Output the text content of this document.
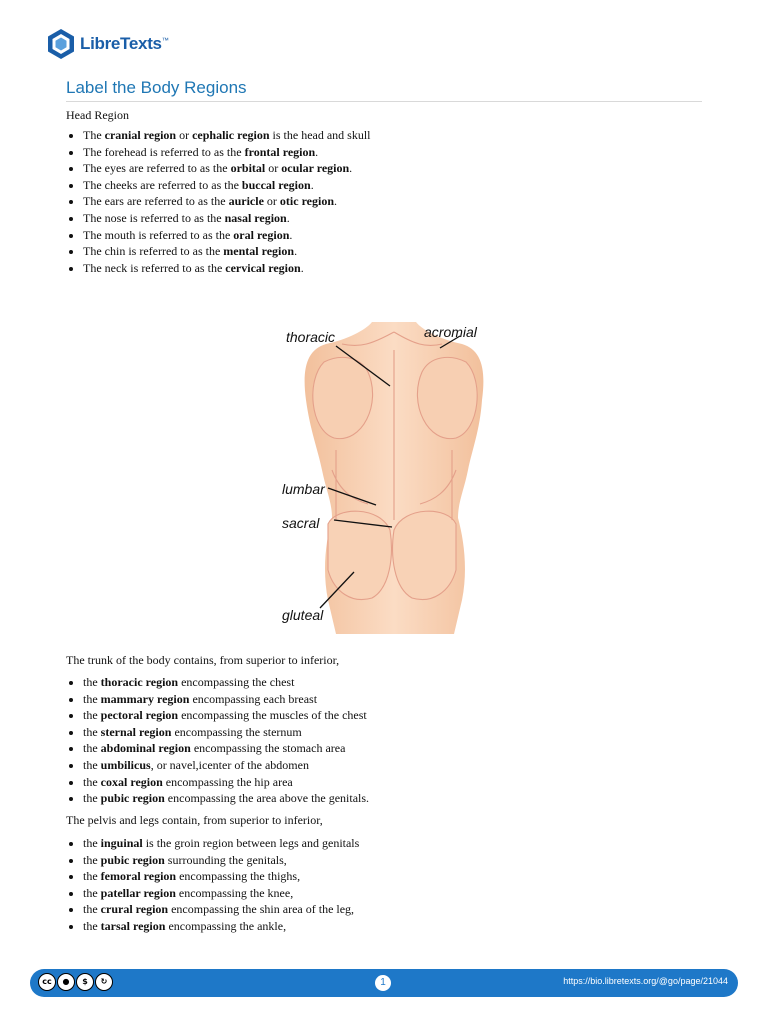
LibreTexts™
Label the Body Regions

Head Region

The cranial region or cephalic region is the head and skull
The forehead is referred to as the frontal region.
The eyes are referred to as the orbital or ocular region.
The cheeks are referred to as the buccal region.
The ears are referred to as the auricle or otic region.
The nose is referred to as the nasal region.
The mouth is referred to as the oral region.
The chin is referred to as the mental region.
The neck is referred to as the cervical region.
thoracic	acromial
lumbar
sacral
gluteal

The trunk of the body contains, from superior to inferior,

the thoracic region encompassing the chest
the mammary region encompassing each breast
the pectoral region encompassing the muscles of the chest
the sternal region encompassing the sternum
the abdominal region encompassing the stomach area
the umbilicus, or navel,icenter of the abdomen
the coxal region encompassing the hip area
the pubic region encompassing the area above the genitals.

The pelvis and legs contain, from superior to inferior,

the inguinal is the groin region between legs and genitals
the pubic region surrounding the genitals,
the femoral region encompassing the thighs,
the patellar region encompassing the knee,
the crural region encompassing the shin area of the leg,
the tarsal region encompassing the ankle,
cc	●	$	↻	1	https://bio.libretexts.org/@go/page/21044
